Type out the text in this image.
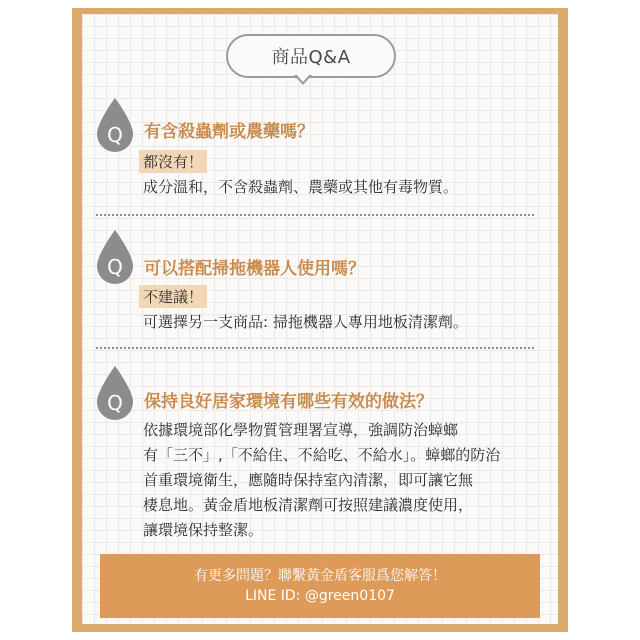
商品Q&A
Q 有含殺蟲劑或農藥嗎？
都沒有！
成分溫和，不含殺蟲劑、農藥或其他有毒物質。
Q 可以搭配掃拖機器人使用嗎？
不建議！
可選擇另一支商品: 掃拖機器人專用地板清潔劑。
Q 保持良好居家環境有哪些有效的做法？
依據環境部化學物質管理署宣導，強調防治蟑螂
有「三不」,「不給住、不給吃、不給水」。蟑螂的防治
首重環境衛生，應隨時保持室內清潔，即可讓它無
棲息地。黃金盾地板清潔劑可按照建議濃度使用，
讓環境保持整潔。
有更多問題？聯繫黃金盾客服爲您解答！
LINE ID: @green0107
